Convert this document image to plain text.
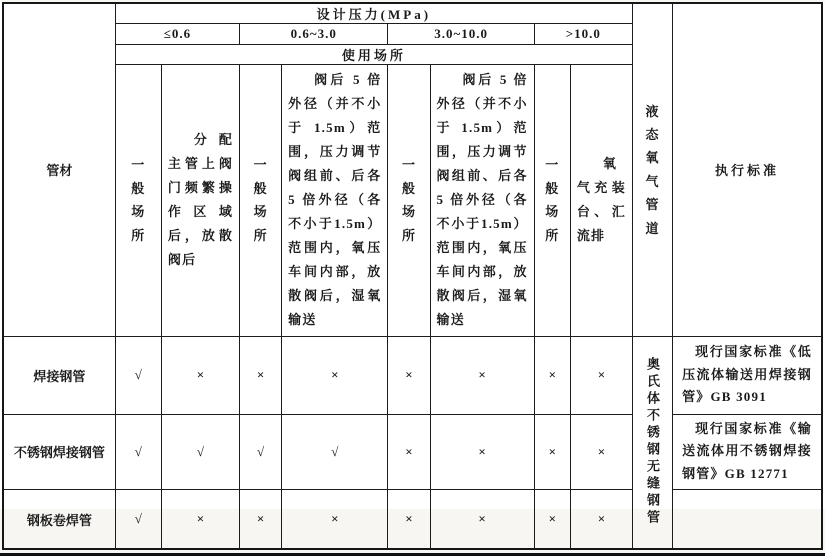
管材	设计压力(MPa)								液态氧气管道	执行标准
	≤0.6		0.6~3.0		3.0~10.0		>10.0			
	使用场所									

	一般场所	分配主管上阀门频繁操作区域后，放散阀后	一般场所	阀后 5 倍外径（并不小于 1.5m）范围，压力调节阀组前、后各 5 倍外径（各不小于1.5m）范围内，氧压车间内部，放散阀后，湿氧输送	一般场所	阀后 5 倍外径（并不小于 1.5m）范围，压力调节阀组前、后各 5 倍外径（各不小于1.5m）范围内，氧压车间内部，放散阀后，湿氧输送	一般场所	氧气充装台、汇流排		

焊接钢管	√	×	×	×	×	×	×	×	奥氏体不锈钢无缝钢管	现行国家标准《低压流体输送用焊接钢管》GB 3091

不锈钢焊接钢管	√	√	√	√	×	×	×	×		现行国家标准《输送流体用不锈钢焊接钢管》GB 12771

钢板卷焊管	√	×	×	×	×	×	×	×		
